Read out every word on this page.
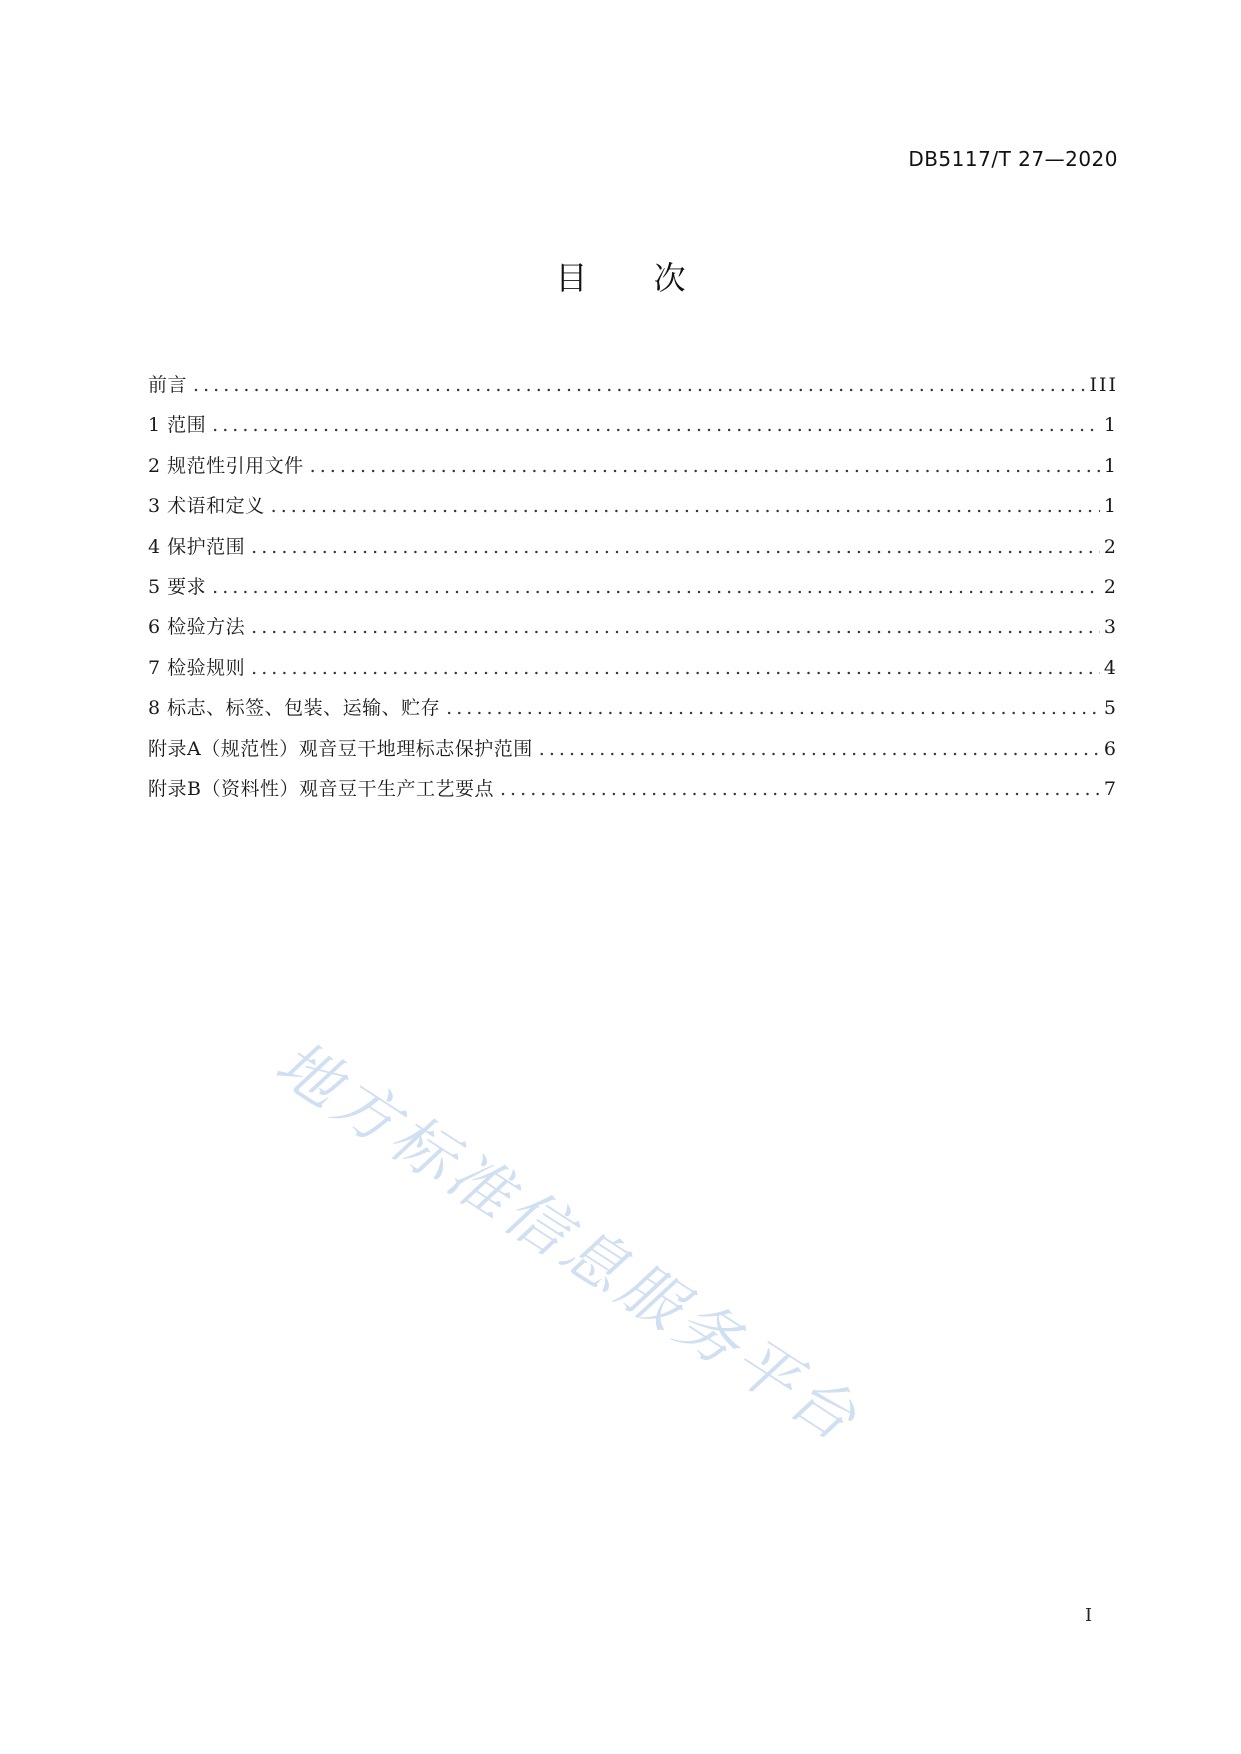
DB5117/T 27—2020
目 次
前言 . . .	III
1 范围 . . .	1
2 规范性引用文件 . . .	1
3 术语和定义 . . .	1
4 保护范围 . . .	2
5 要求 . . .	2
6 检验方法 . . .	3
7 检验规则 . . .	4
8 标志、标签、包装、运输、贮存 . . .	5
附录A（规范性）观音豆干地理标志保护范围 . . .	6
附录B（资料性）观音豆干生产工艺要点 . . .	7
地方标准信息服务平台
I
